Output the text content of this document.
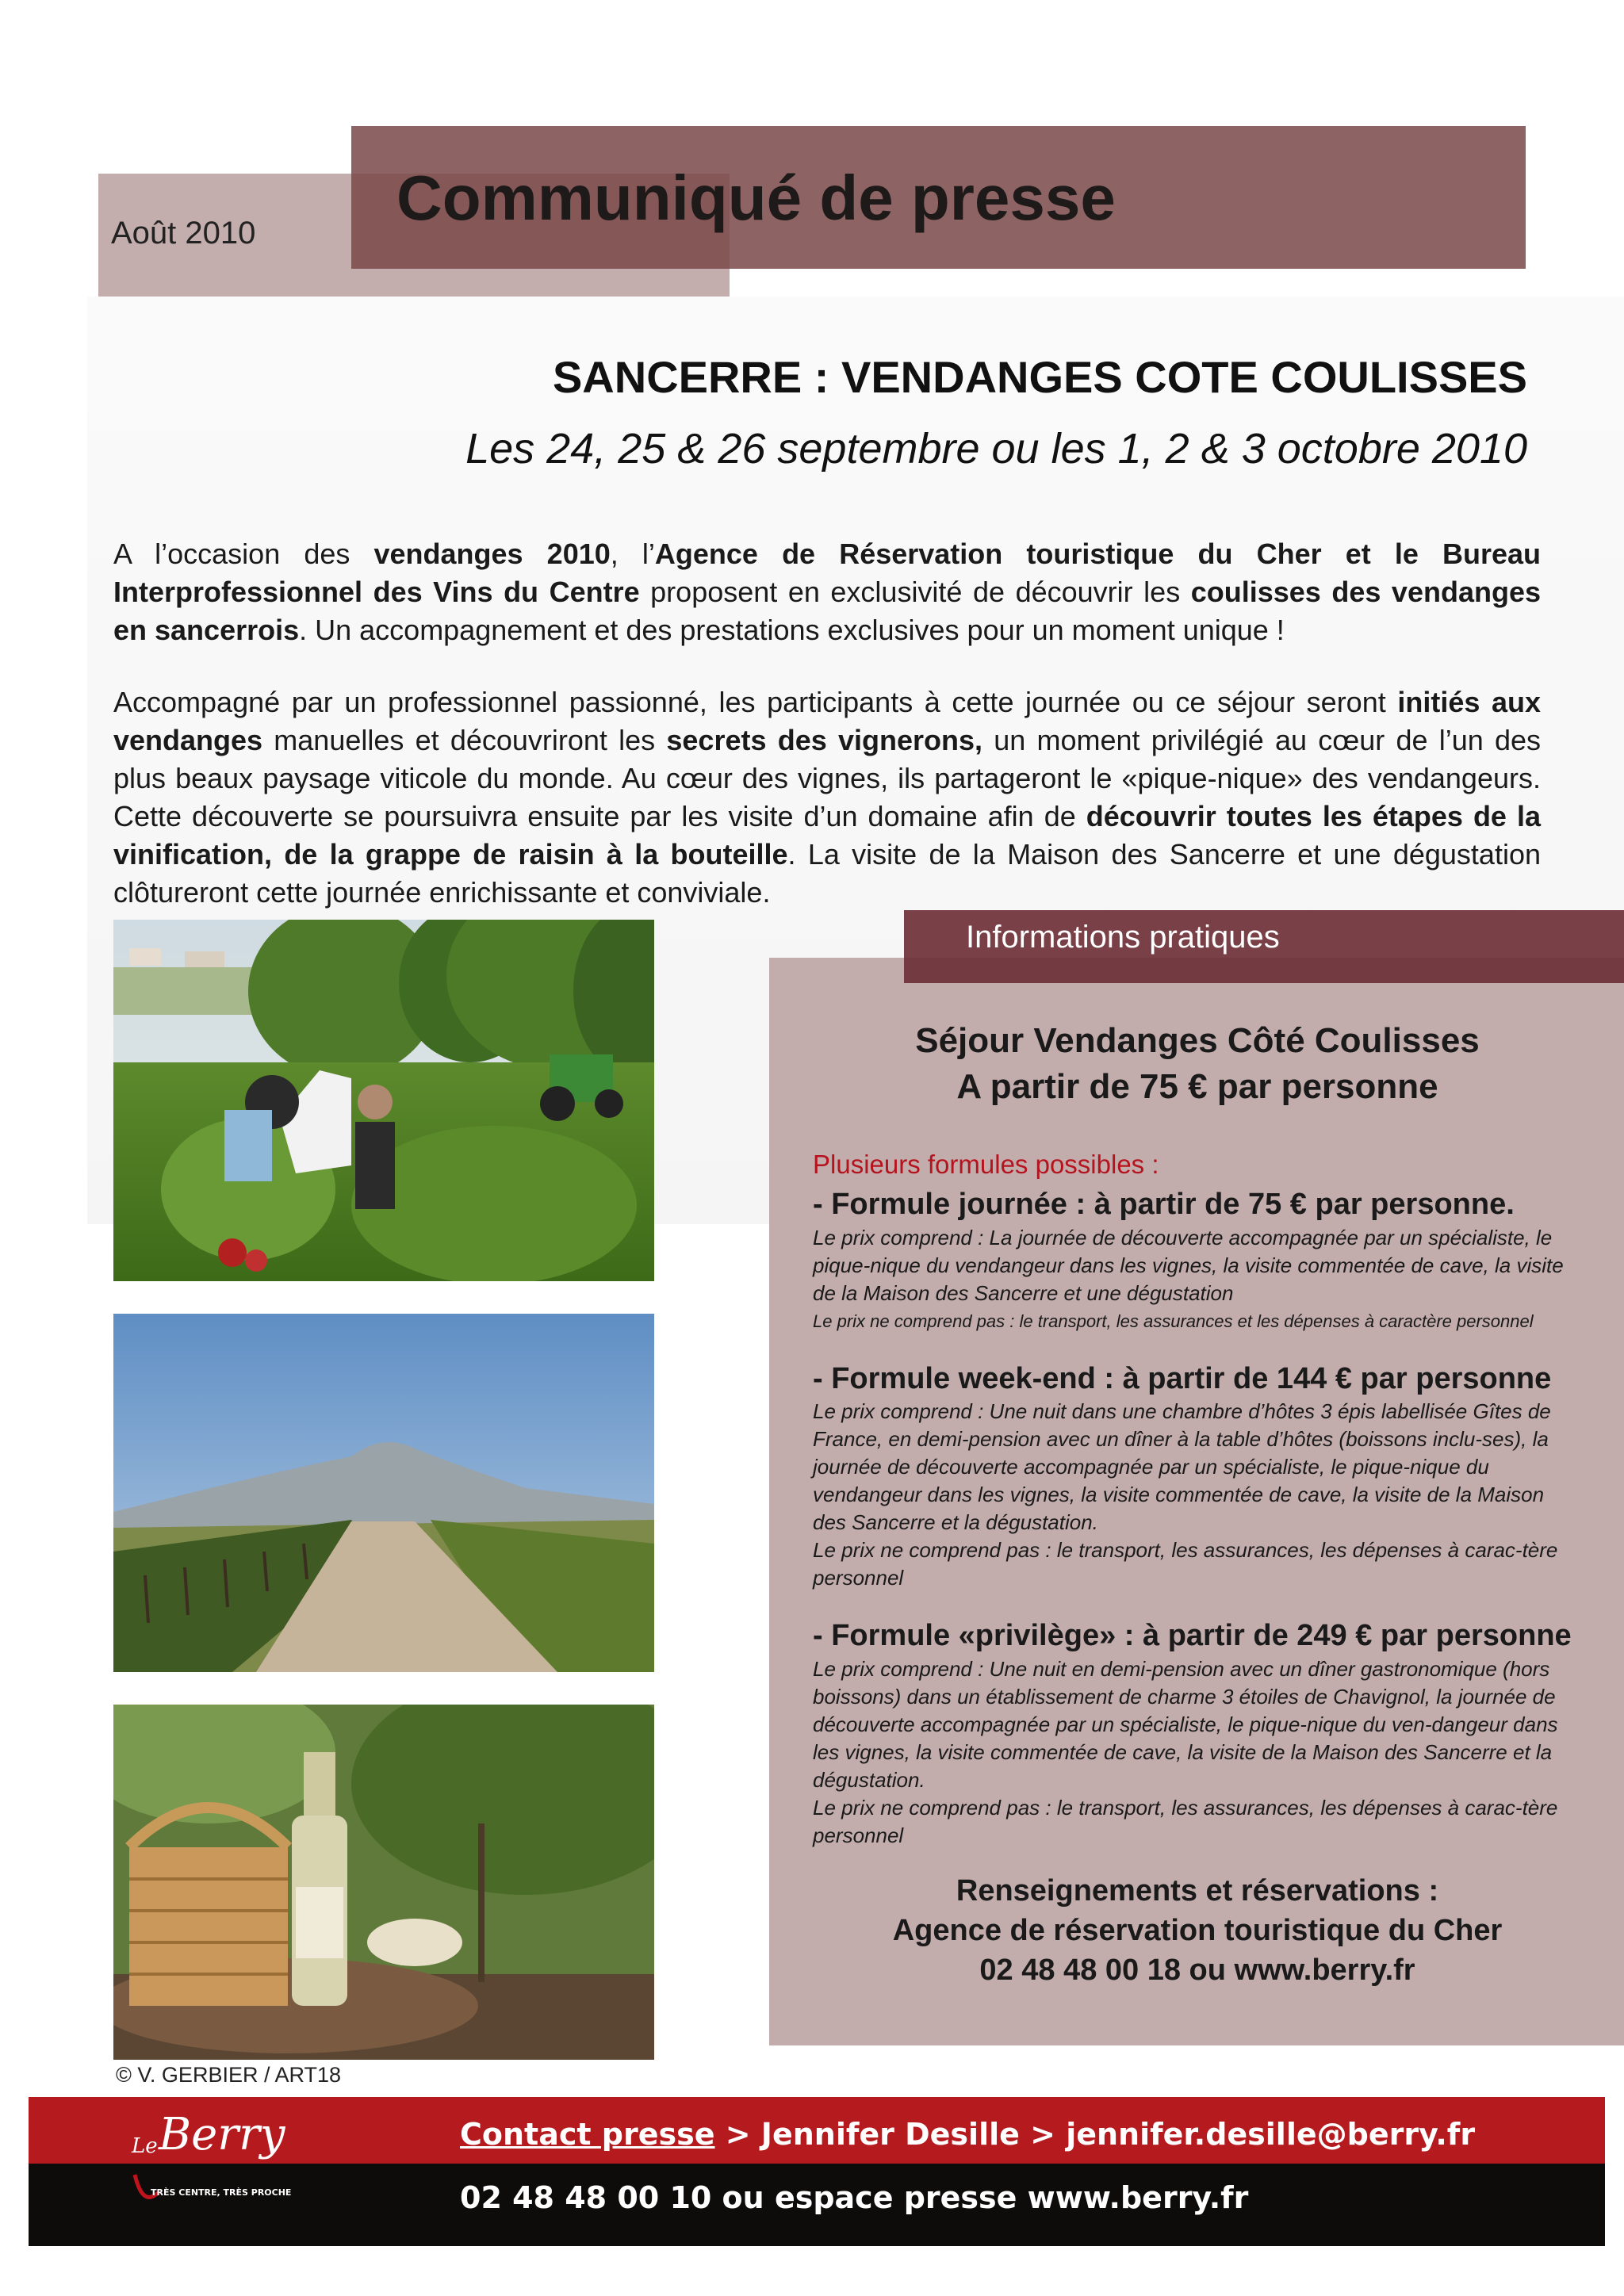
Août 2010 Communiqué de presse
SANCERRE : VENDANGES COTE COULISSES
Les 24, 25 & 26 septembre ou les 1, 2 & 3 octobre 2010
A l’occasion des vendanges 2010, l’Agence de Réservation touristique du Cher et le Bureau Interprofessionnel des Vins du Centre proposent en exclusivité de découvrir les coulisses des vendanges en sancerrois. Un accompagnement et des prestations exclusives pour un moment unique !
Accompagné par un professionnel passionné, les participants à cette journée ou ce séjour seront initiés aux vendanges manuelles et découvriront les secrets des vignerons, un moment privilégié au cœur de l’un des plus beaux paysage viticole du monde. Au cœur des vignes, ils partageront le «pique-nique» des vendangeurs. Cette découverte se poursuivra ensuite par les visite d’un domaine afin de découvrir toutes les étapes de la vinification, de la grappe de raisin à la bouteille. La visite de la Maison des Sancerre et une dégustation clôtureront cette journée enrichissante et conviviale.
© V. GERBIER / ART18
Informations pratiques
Séjour Vendanges Côté Coulisses
A partir de 75 € par personne
Plusieurs formules possibles :
- Formule journée : à partir de 75 € par personne.
Le prix comprend : La journée de découverte accompagnée par un spécialiste, le pique-nique du vendangeur dans les vignes, la visite commentée de cave, la visite de la Maison des Sancerre et une dégustation
Le prix ne comprend pas : le transport, les assurances et les dépenses à caractère personnel
- Formule week-end : à partir de 144 € par personne
Le prix comprend : Une nuit dans une chambre d’hôtes 3 épis labellisée Gîtes de France, en demi-pension avec un dîner à la table d’hôtes (boissons inclu-ses), la journée de découverte accompagnée par un spécialiste, le pique-nique du vendangeur dans les vignes, la visite commentée de cave, la visite de la Maison des Sancerre et la dégustation.
Le prix ne comprend pas : le transport, les assurances, les dépenses à carac-tère personnel
- Formule «privilège» : à partir de 249 € par personne
Le prix comprend : Une nuit en demi-pension avec un dîner gastronomique (hors boissons) dans un établissement de charme 3 étoiles de Chavignol, la journée de découverte accompagnée par un spécialiste, le pique-nique du ven-dangeur dans les vignes, la visite commentée de cave, la visite de la Maison des Sancerre et la dégustation.
Le prix ne comprend pas : le transport, les assurances, les dépenses à carac-tère personnel
Renseignements et réservations :
Agence de réservation touristique du Cher
02 48 48 00 18 ou www.berry.fr
Le Berry
TRÈS CENTRE, TRÈS PROCHE
Contact presse > Jennifer Desille > jennifer.desille@berry.fr
02 48 48 00 10 ou espace presse www.berry.fr
